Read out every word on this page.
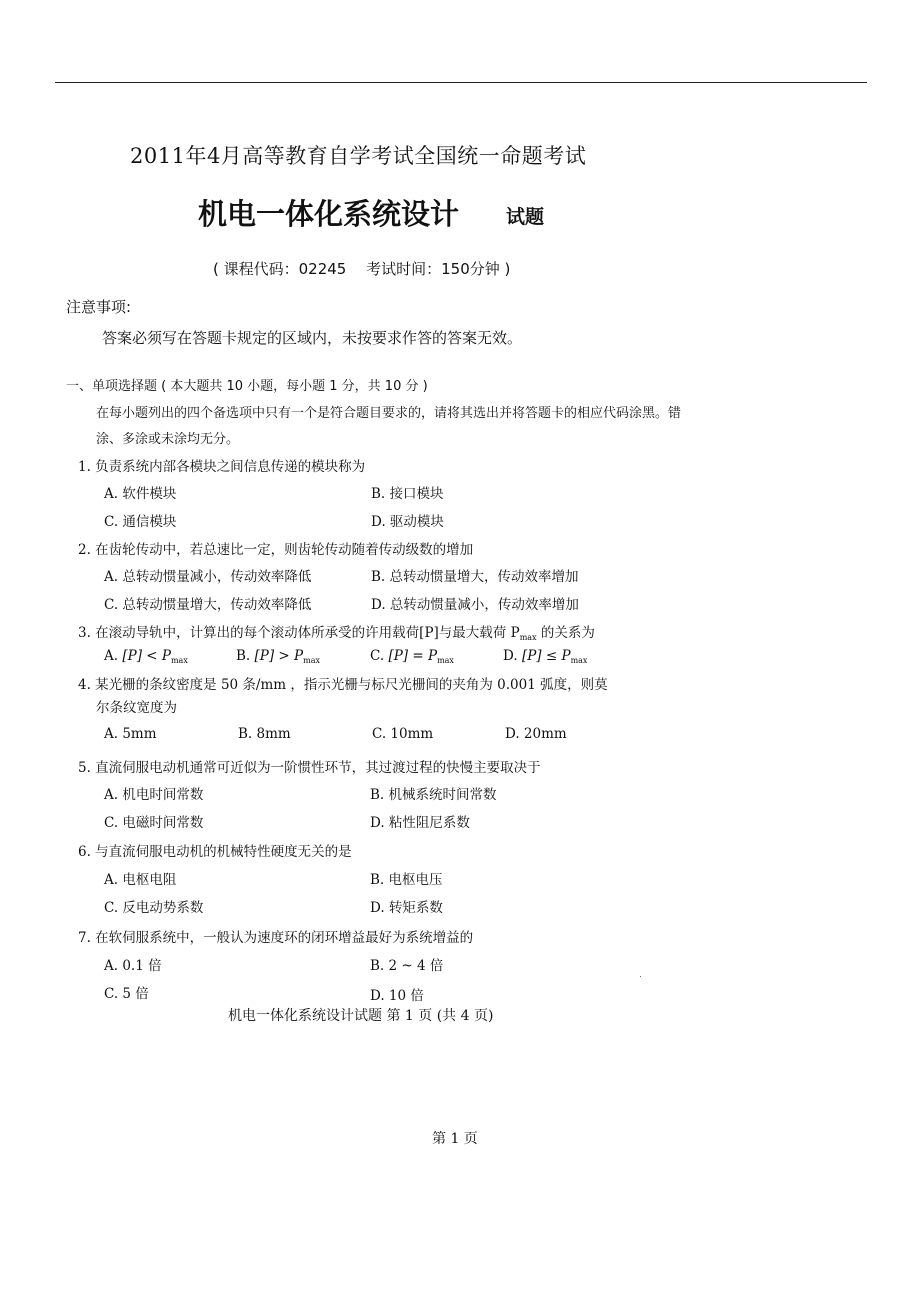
2011年4月高等教育自学考试全国统一命题考试
机电一体化系统设计 试题
( 课程代码：02245　 考试时间：150分钟 )
注意事项:
答案必须写在答题卡规定的区域内，未按要求作答的答案无效。
一、单项选择题 ( 本大题共 10 小题，每小题 1 分，共 10 分 )
在每小题列出的四个备选项中只有一个是符合题目要求的，请将其选出并将答题卡的相应代码涂黑。错涂、多涂或未涂均无分。
1. 负责系统内部各模块之间信息传递的模块称为
A. 软件模块	B. 接口模块
C. 通信模块	D. 驱动模块
2. 在齿轮传动中，若总速比一定，则齿轮传动随着传动级数的增加
A. 总转动惯量减小，传动效率降低	B. 总转动惯量增大，传动效率增加
C. 总转动惯量增大，传动效率降低	D. 总转动惯量减小，传动效率增加
3. 在滚动导轨中，计算出的每个滚动体所承受的许用载荷[P]与最大载荷 $P_{max}$ 的关系为
A. $[P] < P_{max}$	B. $[P] > P_{max}$	C. $[P] = P_{max}$	D. $[P] \le P_{max}$
4. 某光栅的条纹密度是 50 条/mm ，指示光栅与标尺光栅间的夹角为 0.001 弧度，则莫
尔条纹宽度为
A. 5mm	B. 8mm	C. 10mm	D. 20mm
5. 直流伺服电动机通常可近似为一阶惯性环节，其过渡过程的快慢主要取决于
A. 机电时间常数	B. 机械系统时间常数
C. 电磁时间常数	D. 粘性阻尼系数
6. 与直流伺服电动机的机械特性硬度无关的是
A. 电枢电阻	B. 电枢电压
C. 反电动势系数	D. 转矩系数
7. 在软伺服系统中，一般认为速度环的闭环增益最好为系统增益的
A. 0.1 倍	B. 2 ~ 4 倍
C. 5 倍	D. 10 倍
机电一体化系统设计试题 第 1 页 (共 4 页)
第 1 页
